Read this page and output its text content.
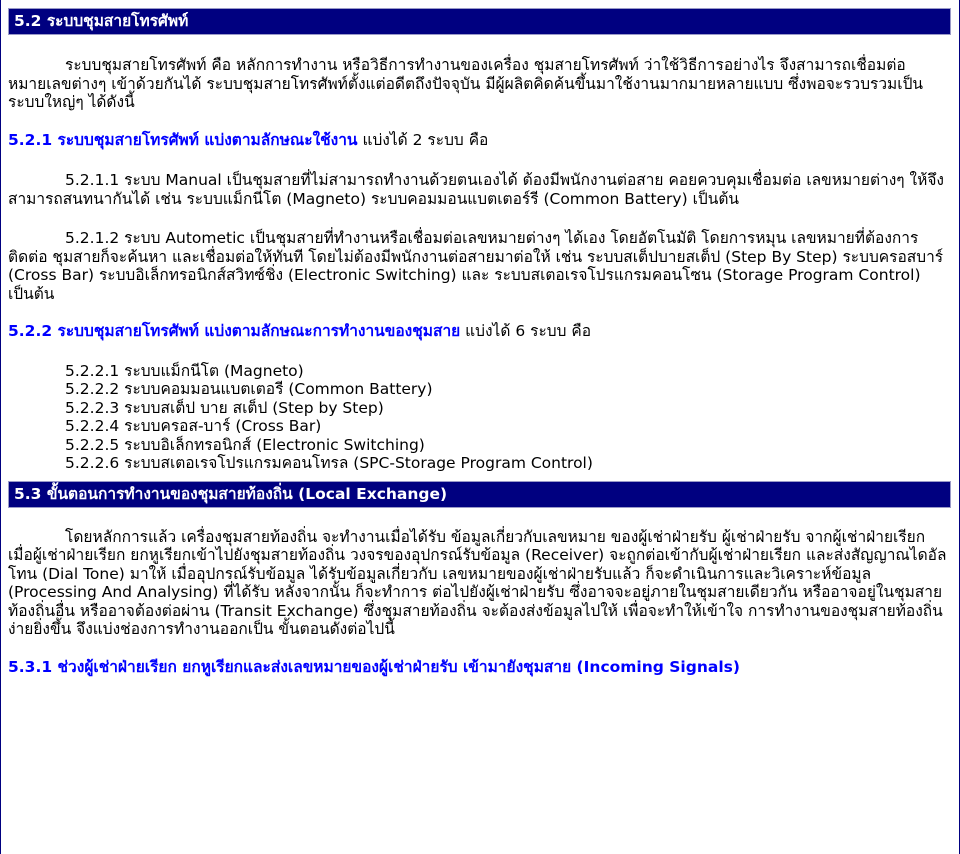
5.2 ระบบชุมสายโทรศัพท์

ระบบชุมสายโทรศัพท์ คือ หลักการทำงาน หรือวิธีการทำงานของเครื่อง ชุมสายโทรศัพท์ ว่าใช้วิธีการอย่างไร จึงสามารถเชื่อมต่อหมายเลขต่างๆ เข้าด้วยกันได้ ระบบชุมสายโทรศัพท์ตั้งแต่อดีตถึงปัจจุบัน มีผู้ผลิตคิดค้นขึ้นมาใช้งานมากมายหลายแบบ ซึ่งพอจะรวบรวมเป็นระบบใหญ่ๆ ได้ดังนี้

5.2.1 ระบบชุมสายโทรศัพท์ แบ่งตามลักษณะใช้งาน แบ่งได้ 2 ระบบ คือ

5.2.1.1 ระบบ Manual เป็นชุมสายที่ไม่สามารถทำงานด้วยตนเองได้ ต้องมีพนักงานต่อสาย คอยควบคุมเชื่อมต่อ เลขหมายต่างๆ ให้จึงสามารถสนทนากันได้ เช่น ระบบแม็กนีโต (Magneto) ระบบคอมมอนแบตเตอร์รี (Common Battery) เป็นต้น

5.2.1.2 ระบบ Autometic เป็นชุมสายที่ทำงานหรือเชื่อมต่อเลขหมายต่างๆ ได้เอง โดยอัตโนมัติ โดยการหมุน เลขหมายที่ต้องการติดต่อ ชุมสายก็จะค้นหา และเชื่อมต่อให้ทันที โดยไม่ต้องมีพนักงานต่อสายมาต่อให้ เช่น ระบบสเต็ปบายสเต็ป (Step By Step) ระบบครอสบาร์ (Cross Bar) ระบบอิเล็กทรอนิกส์สวิทซ์ชิ่ง (Electronic Switching) และ ระบบสเตอเรจโปรแกรมคอนโซน (Storage Program Control) เป็นต้น

5.2.2 ระบบชุมสายโทรศัพท์ แบ่งตามลักษณะการทำงานของชุมสาย แบ่งได้ 6 ระบบ คือ

5.2.2.1 ระบบแม็กนีโต (Magneto)
5.2.2.2 ระบบคอมมอนแบตเตอรี (Common Battery)
5.2.2.3 ระบบสเต็ป บาย สเต็ป (Step by Step)
5.2.2.4 ระบบครอส-บาร์ (Cross Bar)
5.2.2.5 ระบบอิเล็กทรอนิกส์ (Electronic Switching)
5.2.2.6 ระบบสเตอเรจโปรแกรมคอนโทรล (SPC-Storage Program Control)
5.3 ขั้นตอนการทำงานของชุมสายท้องถิ่น (Local Exchange)

โดยหลักการแล้ว เครื่องชุมสายท้องถิ่น จะทำงานเมื่อได้รับ ข้อมูลเกี่ยวกับเลขหมาย ของผู้เช่าฝ่ายรับ ผู้เช่าฝ่ายรับ จากผู้เช่าฝ่ายเรียก เมื่อผู้เช่าฝ่ายเรียก ยกหูเรียกเข้าไปยังชุมสายท้องถิ่น วงจรของอุปกรณ์รับข้อมูล (Receiver) จะถูกต่อเข้ากับผู้เช่าฝ่ายเรียก และส่งสัญญาณไดอัลโทน (Dial Tone) มาให้ เมื่ออุปกรณ์รับข้อมูล ได้รับข้อมูลเกี่ยวกับ เลขหมายของผู้เช่าฝ่ายรับแล้ว ก็จะดำเนินการและวิเคราะห์ข้อมูล (Processing And Analysing) ที่ได้รับ หลังจากนั้น ก็จะทำการ ต่อไปยังผู้เช่าฝ่ายรับ ซึ่งอาจจะอยู่ภายในชุมสายเดียวกัน หรืออาจอยู่ในชุมสายท้องถิ่นอื่น หรืออาจต้องต่อผ่าน (Transit Exchange) ซึ่งชุมสายท้องถิ่น จะต้องส่งข้อมูลไปให้ เพื่อจะทำให้เข้าใจ การทำงานของชุมสายท้องถิ่น ง่ายยิ่งขึ้น จึงแบ่งช่องการทำงานออกเป็น ขั้นตอนดังต่อไปนี้

5.3.1 ช่วงผู้เช่าฝ่ายเรียก ยกหูเรียกและส่งเลขหมายของผู้เช่าฝ่ายรับ เข้ามายังชุมสาย (Incoming Signals)
